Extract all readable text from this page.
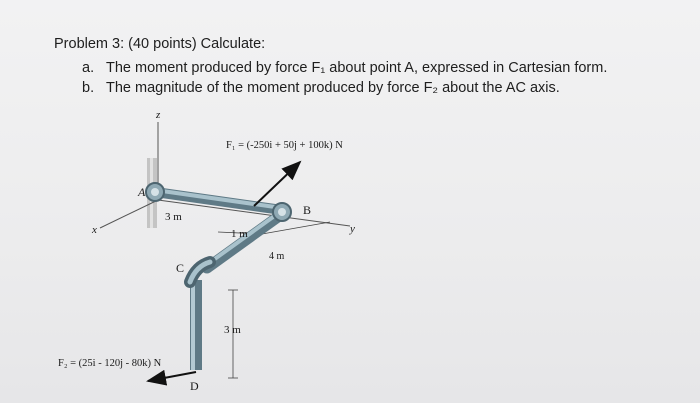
Problem 3: (40 points) Calculate:
a. The moment produced by force F₁ about point A, expressed in Cartesian form.
b. The magnitude of the moment produced by force F₂ about the AC axis.
z
x	y
A
B
C
D
3 m
1 m
4 m
3 m
F₁ = (-250i + 50j + 100k) N
F₂ = (25i - 120j - 80k) N
